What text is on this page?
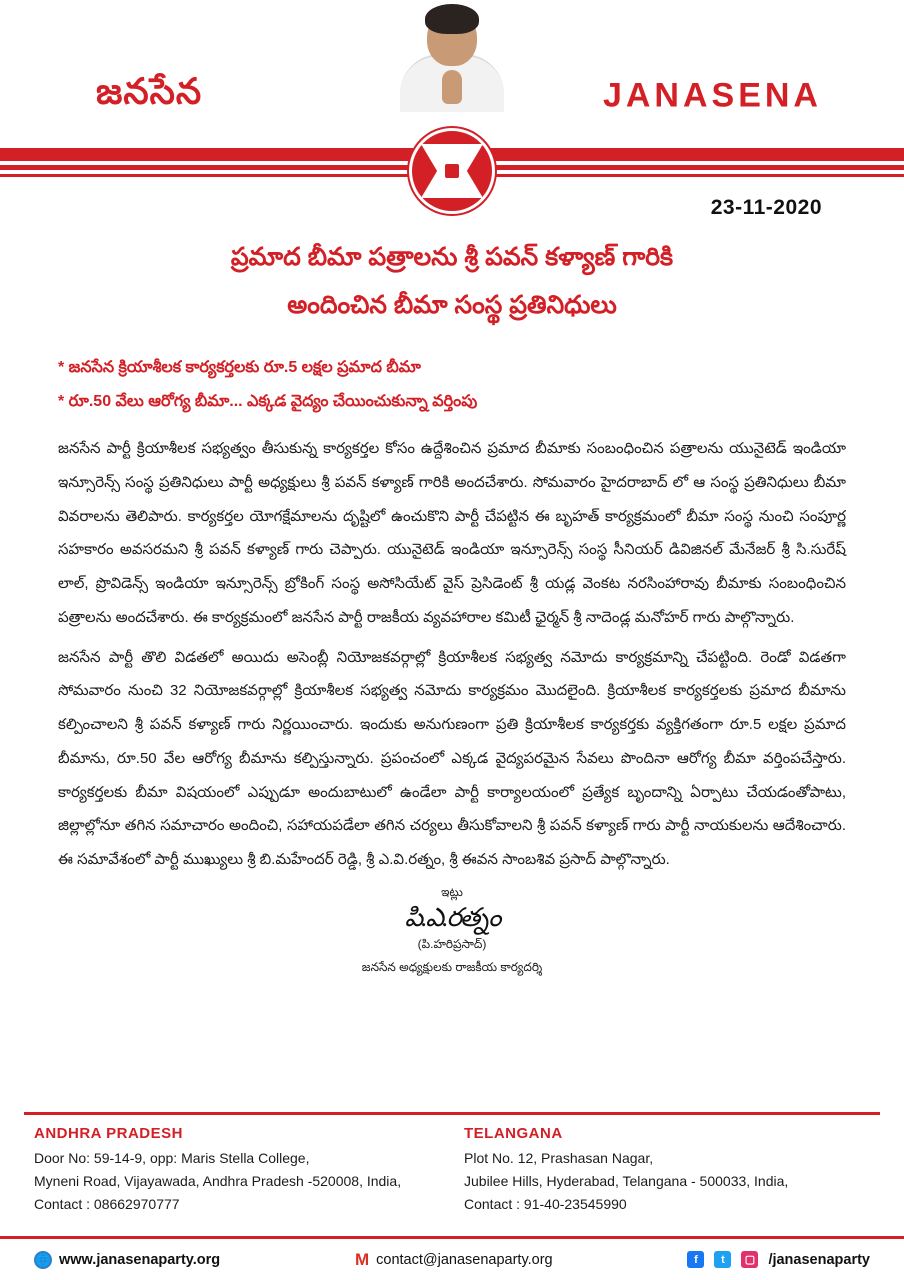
జనసేన	JANASENA
23-11-2020
ప్రమాద బీమా పత్రాలను శ్రీ పవన్ కళ్యాణ్ గారికి
అందించిన బీమా సంస్థ ప్రతినిధులు
* జనసేన క్రియాశీలక కార్యకర్తలకు రూ.5 లక్షల ప్రమాద బీమా
* రూ.50 వేలు ఆరోగ్య బీమా... ఎక్కడ వైద్యం చేయించుకున్నా వర్తింపు

జనసేన పార్టీ క్రియాశీలక సభ్యత్వం తీసుకున్న కార్యకర్తల కోసం ఉద్దేశించిన ప్రమాద బీమాకు సంబంధించిన పత్రాలను యునైటెడ్ ఇండియా ఇన్సూరెన్స్ సంస్థ ప్రతినిధులు పార్టీ అధ్యక్షులు శ్రీ పవన్ కళ్యాణ్ గారికి అందచేశారు. సోమవారం హైదరాబాద్ లో ఆ సంస్థ ప్రతినిధులు బీమా వివరాలను తెలిపారు. కార్యకర్తల యోగక్షేమాలను దృష్టిలో ఉంచుకొని పార్టీ చేపట్టిన ఈ బృహత్ కార్యక్రమంలో బీమా సంస్థ నుంచి సంపూర్ణ సహకారం అవసరమని శ్రీ పవన్ కళ్యాణ్ గారు చెప్పారు. యునైటెడ్ ఇండియా ఇన్సూరెన్స్ సంస్థ సీనియర్ డివిజినల్ మేనేజర్ శ్రీ సి.సురేష్ లాల్, ప్రొవిడెన్స్ ఇండియా ఇన్సూరెన్స్ బ్రోకింగ్ సంస్థ అసోసియేట్ వైస్ ప్రెసిడెంట్ శ్రీ యడ్ల వెంకట నరసింహారావు బీమాకు సంబంధించిన పత్రాలను అందచేశారు. ఈ కార్యక్రమంలో జనసేన పార్టీ రాజకీయ వ్యవహారాల కమిటీ ఛైర్మన్ శ్రీ నాదెండ్ల మనోహర్ గారు పాల్గొన్నారు.

జనసేన పార్టీ తొలి విడతలో అయిదు అసెంబ్లీ నియోజకవర్గాల్లో క్రియాశీలక సభ్యత్వ నమోదు కార్యక్రమాన్ని చేపట్టింది. రెండో విడతగా సోమవారం నుంచి 32 నియోజకవర్గాల్లో క్రియాశీలక సభ్యత్వ నమోదు కార్యక్రమం మొదలైంది. క్రియాశీలక కార్యకర్తలకు ప్రమాద బీమాను కల్పించాలని శ్రీ పవన్ కళ్యాణ్ గారు నిర్ణయించారు. ఇందుకు అనుగుణంగా ప్రతి క్రియాశీలక కార్యకర్తకు వ్యక్తిగతంగా రూ.5 లక్షల ప్రమాద బీమాను, రూ.50 వేల ఆరోగ్య బీమాను కల్పిస్తున్నారు. ప్రపంచంలో ఎక్కడ వైద్యపరమైన సేవలు పొందినా ఆరోగ్య బీమా వర్తింపచేస్తారు. కార్యకర్తలకు బీమా విషయంలో ఎప్పుడూ అందుబాటులో ఉండేలా పార్టీ కార్యాలయంలో ప్రత్యేక బృందాన్ని ఏర్పాటు చేయడంతోపాటు, జిల్లాల్లోనూ తగిన సమాచారం అందించి, సహాయపడేలా తగిన చర్యలు తీసుకోవాలని శ్రీ పవన్ కళ్యాణ్ గారు పార్టీ నాయకులను ఆదేశించారు. ఈ సమావేశంలో పార్టీ ముఖ్యులు శ్రీ బి.మహేందర్ రెడ్డి, శ్రీ ఎ.వి.రత్నం, శ్రీ ఈవన సాంబశివ ప్రసాద్ పాల్గొన్నారు.

ఇట్లు
పి.ఎ.రత్నం
(పి.హరిప్రసాద్)
జనసేన అధ్యక్షులకు రాజకీయ కార్యదర్శి
ANDHRA PRADESH
Door No: 59-14-9, opp: Maris Stella College,
Myneni Road, Vijayawada, Andhra Pradesh -520008, India,
Contact : 08662970777
TELANGANA
Plot No. 12, Prashasan Nagar,
Jubilee Hills, Hyderabad, Telangana - 500033, India,
Contact : 91-40-23545990
🌐 www.janasenaparty.org	M contact@janasenaparty.org	f	t	▢ /janasenaparty
